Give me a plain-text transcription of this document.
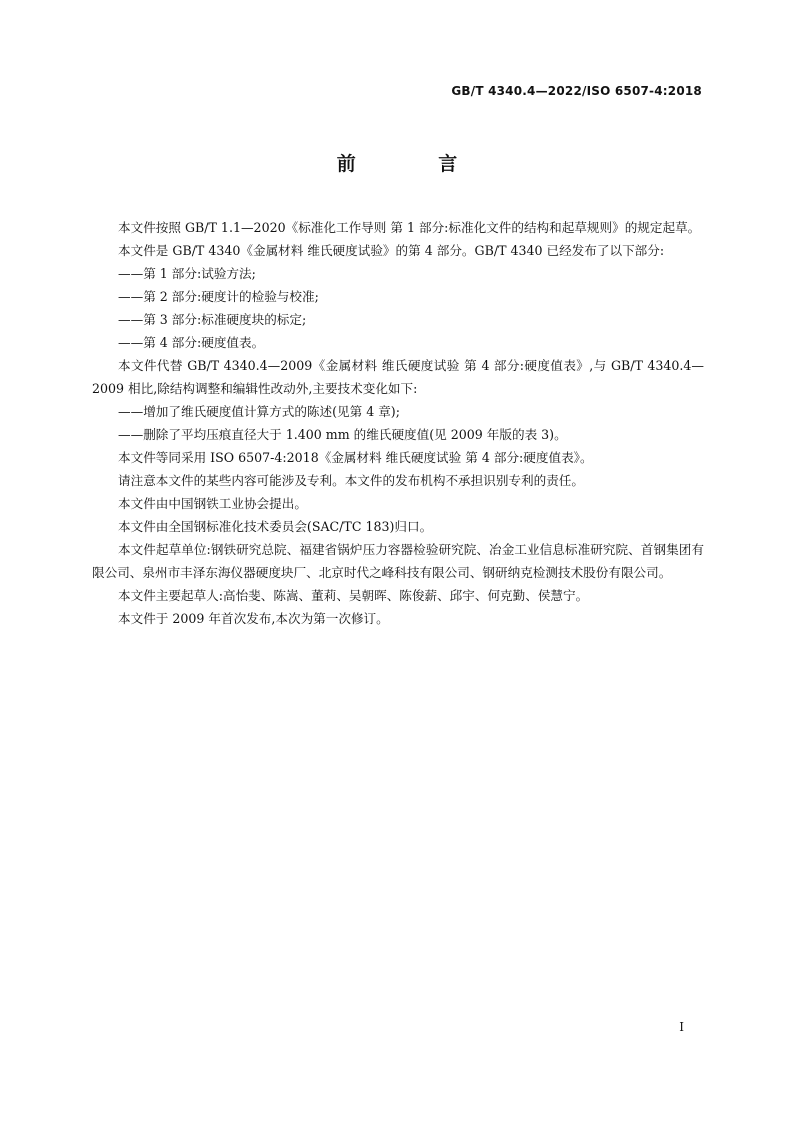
GB/T 4340.4—2022/ISO 6507-4:2018
前 言

本文件按照 GB/T 1.1—2020《标准化工作导则 第 1 部分:标准化文件的结构和起草规则》的规定起草。

本文件是 GB/T 4340《金属材料 维氏硬度试验》的第 4 部分。GB/T 4340 已经发布了以下部分:

——第 1 部分:试验方法;

——第 2 部分:硬度计的检验与校准;

——第 3 部分:标准硬度块的标定;

——第 4 部分:硬度值表。

本文件代替 GB/T 4340.4—2009《金属材料 维氏硬度试验 第 4 部分:硬度值表》,与 GB/T 4340.4—2009 相比,除结构调整和编辑性改动外,主要技术变化如下:

——增加了维氏硬度值计算方式的陈述(见第 4 章);

——删除了平均压痕直径大于 1.400 mm 的维氏硬度值(见 2009 年版的表 3)。

本文件等同采用 ISO 6507-4:2018《金属材料 维氏硬度试验 第 4 部分:硬度值表》。

请注意本文件的某些内容可能涉及专利。本文件的发布机构不承担识别专利的责任。

本文件由中国钢铁工业协会提出。

本文件由全国钢标准化技术委员会(SAC/TC 183)归口。

本文件起草单位:钢铁研究总院、福建省锅炉压力容器检验研究院、冶金工业信息标准研究院、首钢集团有限公司、泉州市丰泽东海仪器硬度块厂、北京时代之峰科技有限公司、钢研纳克检测技术股份有限公司。

本文件主要起草人:高怡斐、陈嵩、董莉、吴朝晖、陈俊薪、邱宇、何克勤、侯慧宁。

本文件于 2009 年首次发布,本次为第一次修订。

I
